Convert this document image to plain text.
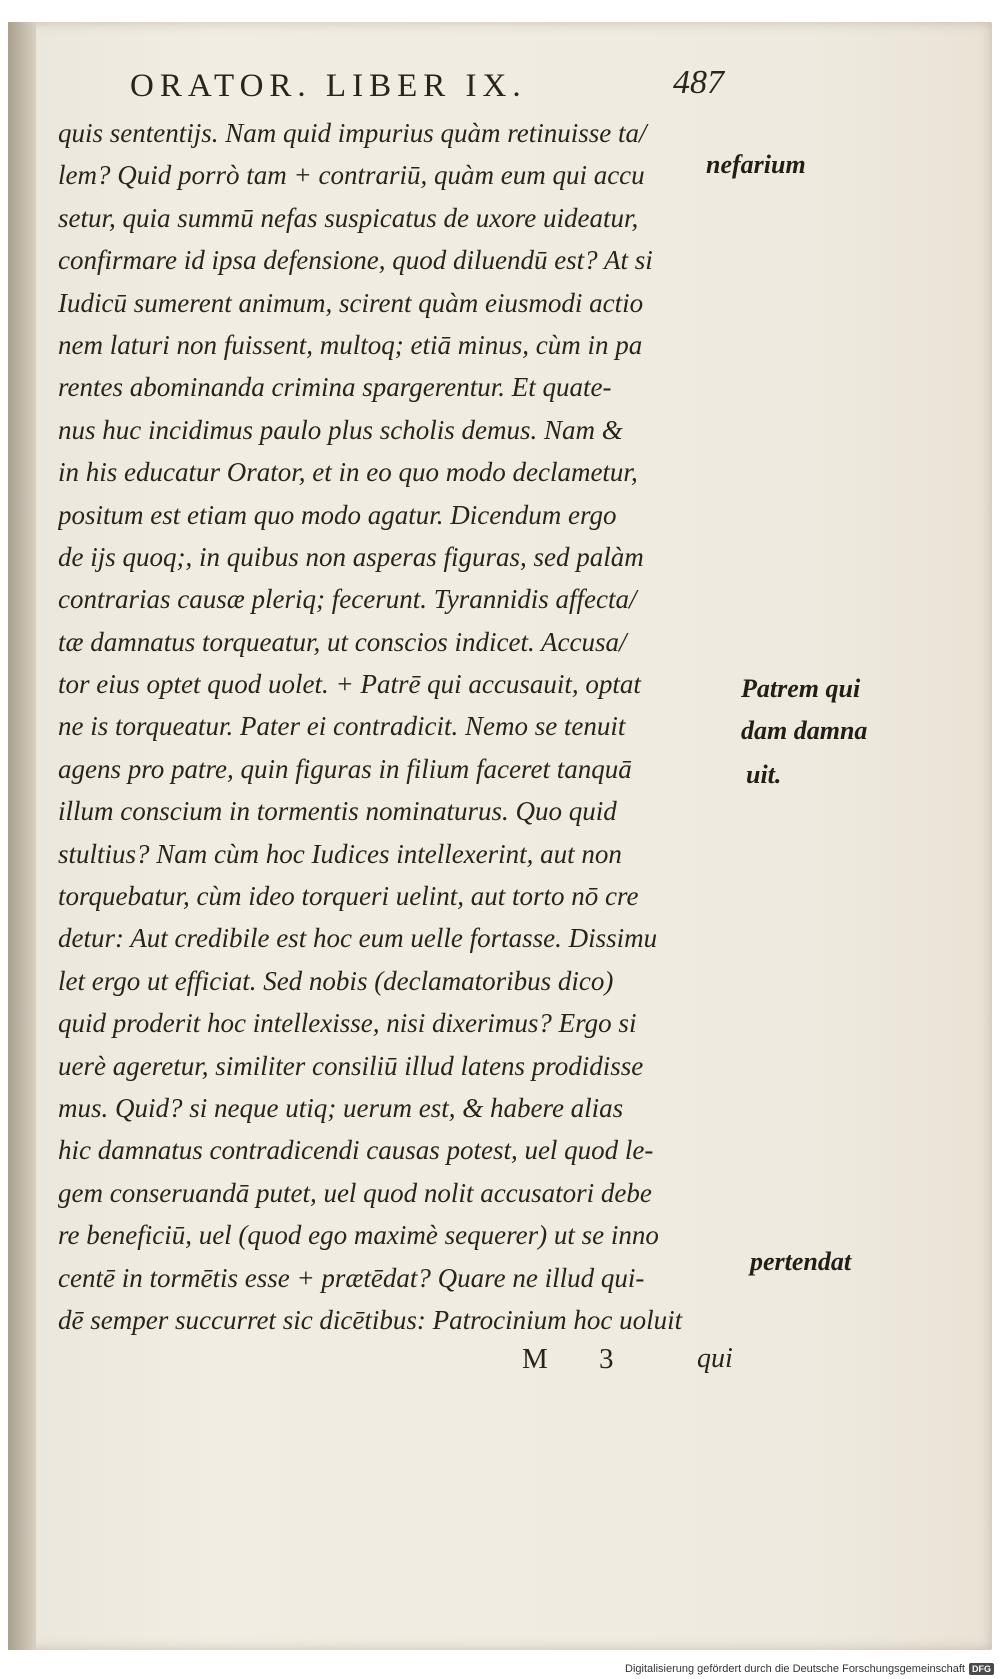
ORATOR. LIBER IX.	487
quis sententijs. Nam quid impurius quàm retinuisse ta/
lem? Quid porrò tam + contrariū, quàm eum qui accu
setur, quia summū nefas suspicatus de uxore uideatur,
confirmare id ipsa defensione, quod diluendū est? At si
Iudicū sumerent animum, scirent quàm eiusmodi actio
nem laturi non fuissent, multoq; etiā minus, cùm in pa
rentes abominanda crimina spargerentur. Et quate-
nus huc incidimus paulo plus scholis demus. Nam &
in his educatur Orator, et in eo quo modo declametur,
positum est etiam quo modo agatur. Dicendum ergo
de ijs quoq;, in quibus non asperas figuras, sed palàm
contrarias causæ pleriq; fecerunt. Tyrannidis affecta/
tæ damnatus torqueatur, ut conscios indicet. Accusa/
tor eius optet quod uolet. + Patrē qui accusauit, optat
ne is torqueatur. Pater ei contradicit. Nemo se tenuit
agens pro patre, quin figuras in filium faceret tanquā
illum conscium in tormentis nominaturus. Quo quid
stultius? Nam cùm hoc Iudices intellexerint, aut non
torquebatur, cùm ideo torqueri uelint, aut torto nō cre
detur: Aut credibile est hoc eum uelle fortasse. Dissimu
let ergo ut efficiat. Sed nobis (declamatoribus dico)
quid proderit hoc intellexisse, nisi dixerimus? Ergo si
uerè ageretur, similiter consiliū illud latens prodidisse
mus. Quid? si neque utiq; uerum est, & habere alias
hic damnatus contradicendi causas potest, uel quod le-
gem conseruandā putet, uel quod nolit accusatori debe
re beneficiū, uel (quod ego maximè sequerer) ut se inno
centē in tormētis esse + prætēdat? Quare ne illud qui-
dē semper succurret sic dicētibus: Patrocinium hoc uoluit
nefarium
Patrem qui
dam damna
uit.
pertendat
M 3 qui
Digitalisierung gefördert durch die Deutsche Forschungsgemeinschaft DFG
